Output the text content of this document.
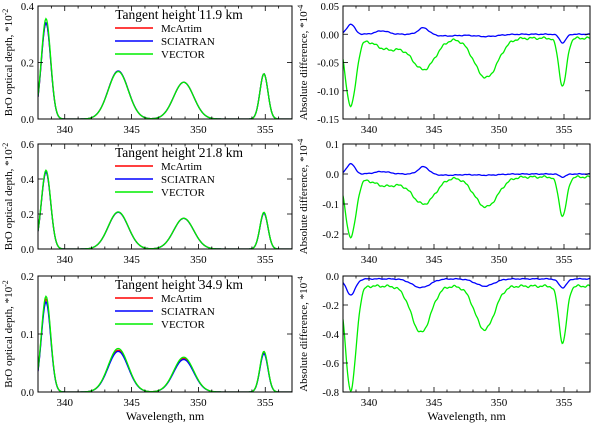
340	345	350	355
0.0
0.2
0.4
BrO optical depth, $*10^{-2}$	Tangent height 11.9 km
McArtim
SCIATRAN
VECTOR
340	345	350	355
-0.15
-0.10
-0.05
0.00
0.05
Absolute difference, $*10^{-4}$
340	345	350	355
0.0
0.2
0.4
0.6
BrO optical depth, $*10^{-2}$	Tangent height 21.8 km
McArtim
SCIATRAN
VECTOR
340	345	350	355
-0.2
-0.1
0.0
0.1
Absolute difference, $*10^{-4}$
340	345	350	355
0.0
0.1
0.2
BrO optical depth, $*10^{-2}$
Wavelength, nm
Tangent height 34.9 km
McArtim
SCIATRAN
VECTOR
340	345	350	355
-0.8
-0.6
-0.4
-0.2
0.0
Absolute difference, $*10^{-4}$
Wavelength, nm
